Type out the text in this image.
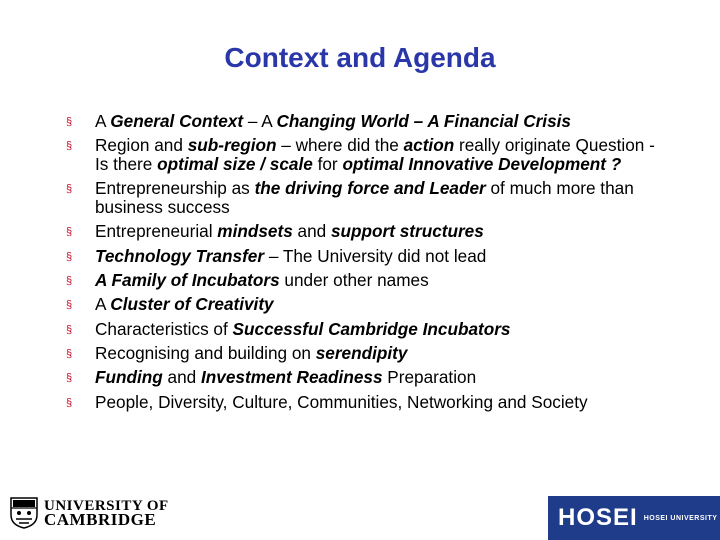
Context and Agenda
§ A General Context – A Changing World – A Financial Crisis
§ Region and sub-region – where did the action really originate Question - Is there optimal size / scale for optimal Innovative Development ?
§ Entrepreneurship as the driving force and Leader of much more than business success
§ Entrepreneurial mindsets and support structures
§ Technology Transfer – The University did not lead
§ A Family of Incubators under other names
§ A Cluster of Creativity
§ Characteristics of Successful Cambridge Incubators
§ Recognising and building on serendipity
§ Funding and Investment Readiness Preparation
§ People, Diversity, Culture, Communities, Networking and Society
UNIVERSITY OF
CAMBRIDGE	HOSEI HOSEI UNIVERSITY
